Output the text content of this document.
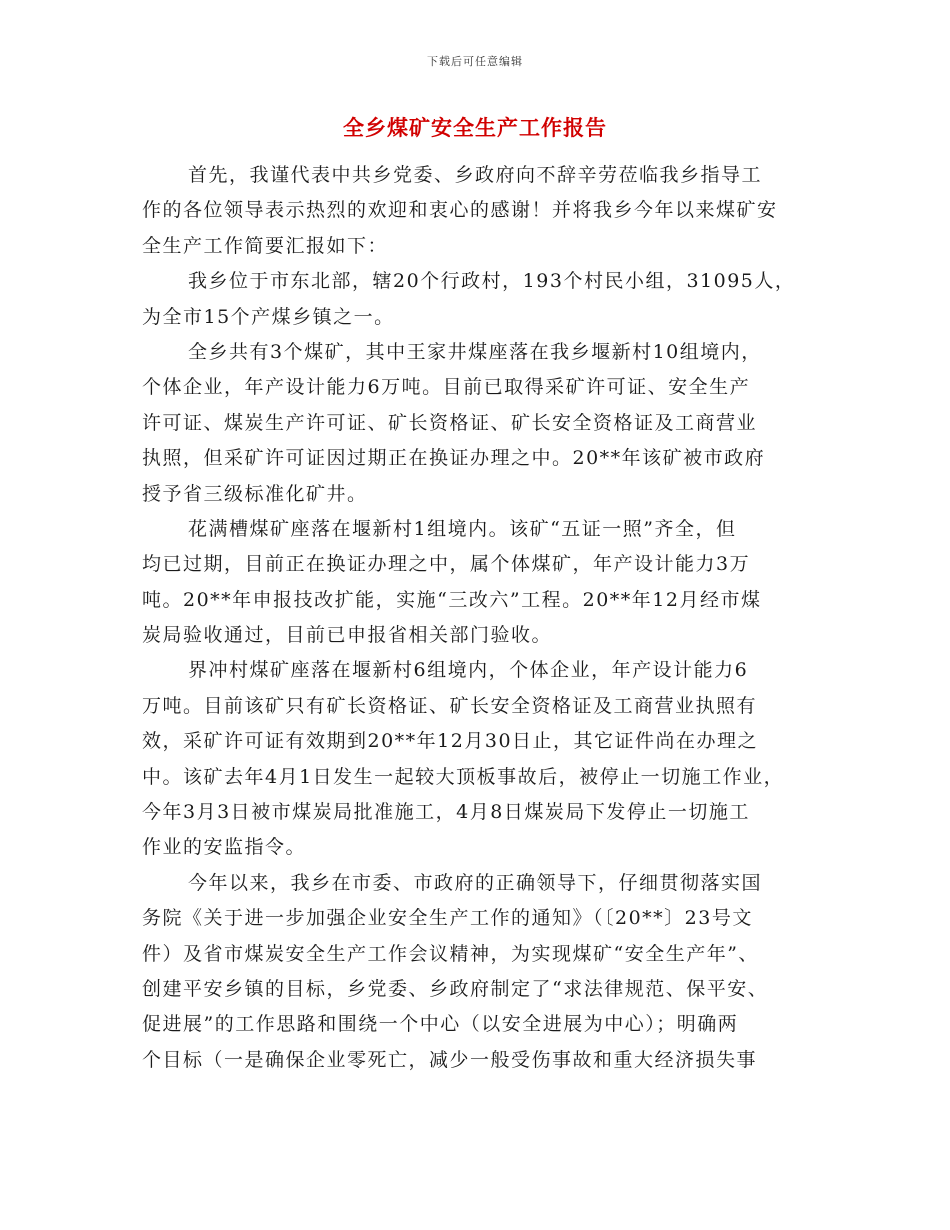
下载后可任意编辑
全乡煤矿安全生产工作报告
首先，我谨代表中共乡党委、乡政府向不辞辛劳莅临我乡指导工
作的各位领导表示热烈的欢迎和衷心的感谢！并将我乡今年以来煤矿安
全生产工作简要汇报如下：
我乡位于市东北部，辖20个行政村，193个村民小组，31095人，
为全市15个产煤乡镇之一。
全乡共有3个煤矿，其中王家井煤座落在我乡堰新村10组境内，
个体企业，年产设计能力6万吨。目前已取得采矿许可证、安全生产
许可证、煤炭生产许可证、矿长资格证、矿长安全资格证及工商营业
执照，但采矿许可证因过期正在换证办理之中。20**年该矿被市政府
授予省三级标准化矿井。
花满槽煤矿座落在堰新村1组境内。该矿“五证一照”齐全，但
均已过期，目前正在换证办理之中，属个体煤矿，年产设计能力3万
吨。20**年申报技改扩能，实施“三改六”工程。20**年12月经市煤
炭局验收通过，目前已申报省相关部门验收。
界冲村煤矿座落在堰新村6组境内，个体企业，年产设计能力6
万吨。目前该矿只有矿长资格证、矿长安全资格证及工商营业执照有
效，采矿许可证有效期到20**年12月30日止，其它证件尚在办理之
中。该矿去年4月1日发生一起较大顶板事故后，被停止一切施工作业，
今年3月3日被市煤炭局批准施工，4月8日煤炭局下发停止一切施工
作业的安监指令。
今年以来，我乡在市委、市政府的正确领导下，仔细贯彻落实国
务院《关于进一步加强企业安全生产工作的通知》（〔20**〕23号文
件）及省市煤炭安全生产工作会议精神，为实现煤矿“安全生产年”、
创建平安乡镇的目标，乡党委、乡政府制定了“求法律规范、保平安、
促进展”的工作思路和围绕一个中心（以安全进展为中心）；明确两
个目标（一是确保企业零死亡，减少一般受伤事故和重大经济损失事
